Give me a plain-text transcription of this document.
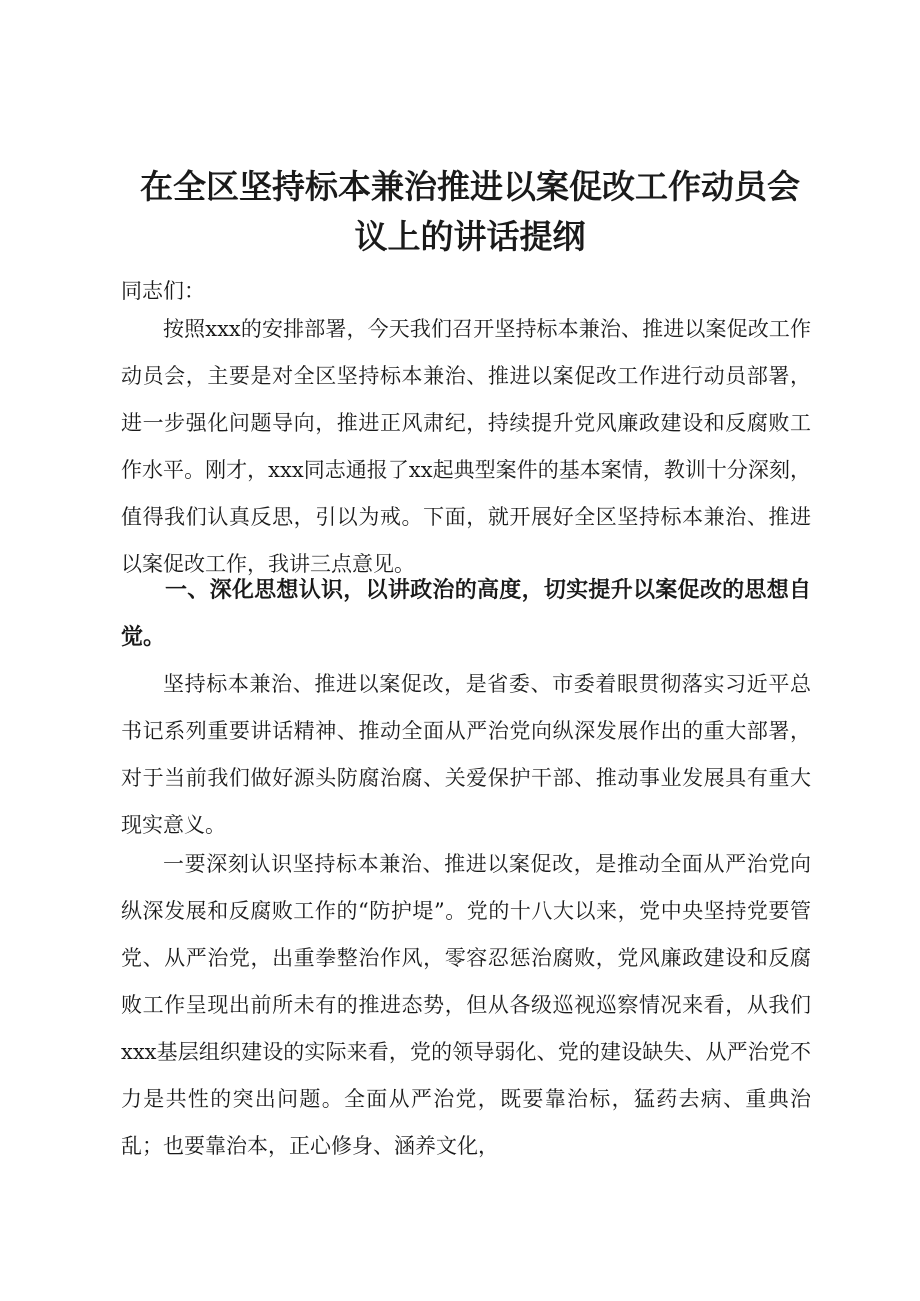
在全区坚持标本兼治推进以案促改工作动员会
议上的讲话提纲

同志们：

按照xxx的安排部署，今天我们召开坚持标本兼治、推进以案促改工作动员会，主要是对全区坚持标本兼治、推进以案促改工作进行动员部署，进一步强化问题导向，推进正风肃纪，持续提升党风廉政建设和反腐败工作水平。刚才，xxx同志通报了xx起典型案件的基本案情，教训十分深刻，值得我们认真反思，引以为戒。下面，就开展好全区坚持标本兼治、推进以案促改工作，我讲三点意见。

一、深化思想认识，以讲政治的高度，切实提升以案促改的思想自觉。

坚持标本兼治、推进以案促改，是省委、市委着眼贯彻落实习近平总书记系列重要讲话精神、推动全面从严治党向纵深发展作出的重大部署，对于当前我们做好源头防腐治腐、关爱保护干部、推动事业发展具有重大现实意义。

一要深刻认识坚持标本兼治、推进以案促改，是推动全面从严治党向纵深发展和反腐败工作的“防护堤”。党的十八大以来，党中央坚持党要管党、从严治党，出重拳整治作风，零容忍惩治腐败，党风廉政建设和反腐败工作呈现出前所未有的推进态势，但从各级巡视巡察情况来看，从我们xxx基层组织建设的实际来看，党的领导弱化、党的建设缺失、从严治党不力是共性的突出问题。全面从严治党，既要靠治标，猛药去病、重典治乱；也要靠治本，正心修身、涵养文化，
